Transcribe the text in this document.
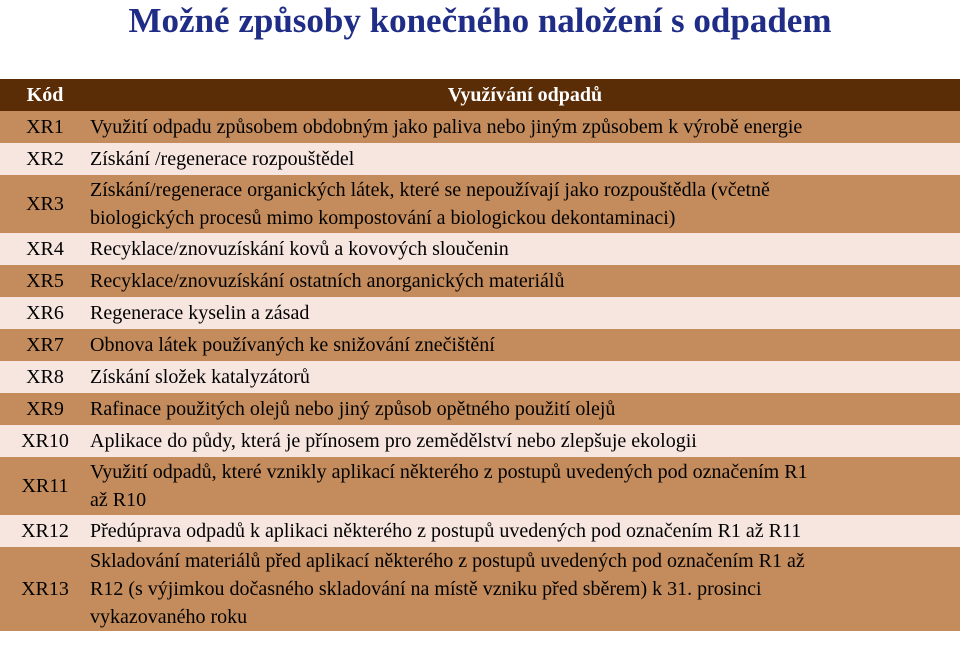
Možné způsoby konečného naložení s odpadem
Kód	Využívání odpadů
XR1	Využití odpadu způsobem obdobným jako paliva nebo jiným způsobem k výrobě energie

XR2	Získání /regenerace rozpouštědel

XR3	Získání/regenerace organických látek, které se nepoužívají jako rozpouštědla (včetně
biologických procesů mimo kompostování a biologickou dekontaminaci)

XR4	Recyklace/znovuzískání kovů a kovových sloučenin

XR5	Recyklace/znovuzískání ostatních anorganických materiálů

XR6	Regenerace kyselin a zásad

XR7	Obnova látek používaných ke snižování znečištění

XR8	Získání složek katalyzátorů

XR9	Rafinace použitých olejů nebo jiný způsob opětného použití olejů

XR10	Aplikace do půdy, která je přínosem pro zemědělství nebo zlepšuje ekologii

XR11	Využití odpadů, které vznikly aplikací některého z postupů uvedených pod označením R1
až R10

XR12	Předúprava odpadů k aplikaci některého z postupů uvedených pod označením R1 až R11

XR13	Skladování materiálů před aplikací některého z postupů uvedených pod označením R1 až
R12 (s výjimkou dočasného skladování na místě vzniku před sběrem) k 31. prosinci
vykazovaného roku
